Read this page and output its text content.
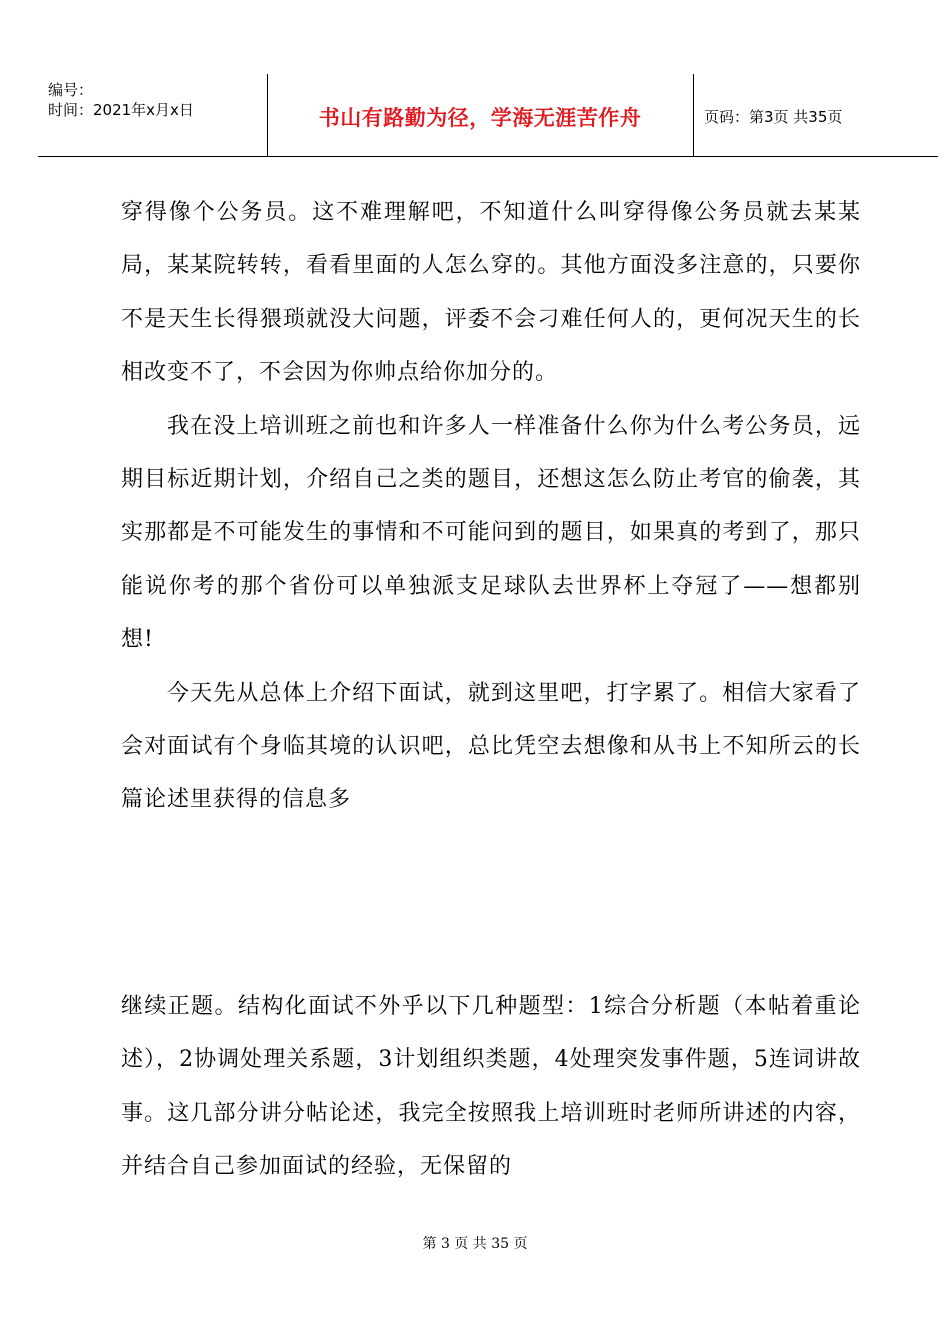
编号：
时间：2021年x月x日	书山有路勤为径，学海无涯苦作舟	页码：第3页 共35页

穿得像个公务员。这不难理解吧，不知道什么叫穿得像公务员就去某某局，某某院转转，看看里面的人怎么穿的。其他方面没多注意的，只要你不是天生长得猥琐就没大问题，评委不会刁难任何人的，更何况天生的长相改变不了，不会因为你帅点给你加分的。

我在没上培训班之前也和许多人一样准备什么你为什么考公务员，远期目标近期计划，介绍自己之类的题目，还想这怎么防止考官的偷袭，其实那都是不可能发生的事情和不可能问到的题目，如果真的考到了，那只能说你考的那个省份可以单独派支足球队去世界杯上夺冠了——想都别想!

今天先从总体上介绍下面试，就到这里吧，打字累了。相信大家看了会对面试有个身临其境的认识吧，总比凭空去想像和从书上不知所云的长篇论述里获得的信息多

继续正题。结构化面试不外乎以下几种题型：1综合分析题（本帖着重论述），2协调处理关系题，3计划组织类题，4处理突发事件题，5连词讲故事。这几部分讲分帖论述，我完全按照我上培训班时老师所讲述的内容，并结合自己参加面试的经验，无保留的

第 3 页 共 35 页
